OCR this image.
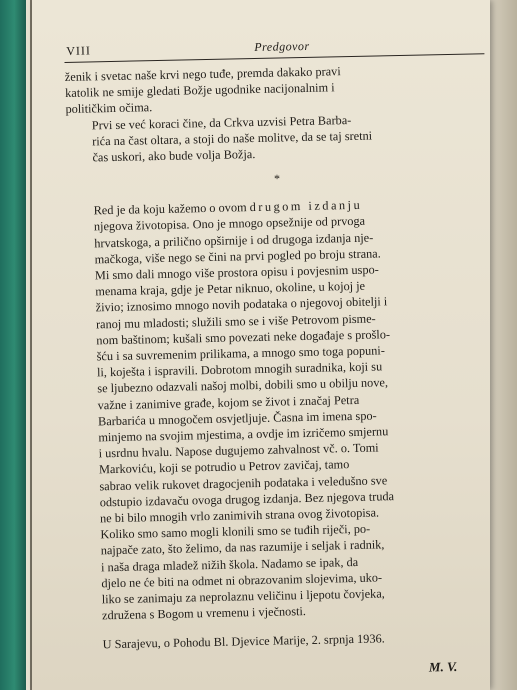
VIII	Predgovor

ženik i svetac naše krvi nego tuđe, premda dakako pravi
katolik ne smije gledati Božje ugodnike nacijonalnim i
političkim očima.

Prvi se već koraci čine, da Crkva uzvisi Petra Barba-
rića na čast oltara, a stoji do naše molitve, da se taj sretni
čas uskori, ako bude volja Božja.

*

Red je da koju kažemo o ovom drugom izdanju
njegova životopisa. Ono je mnogo opsežnije od prvoga
hrvatskoga, a prilično opširnije i od drugoga izdanja nje-
mačkoga, više nego se čini na prvi pogled po broju strana.
Mi smo dali mnogo više prostora opisu i povjesnim uspo-
menama kraja, gdje je Petar niknuo, okoline, u kojoj je
živio; iznosimo mnogo novih podataka o njegovoj obitelji i
ranoj mu mladosti; služili smo se i više Petrovom pisme-
nom baštinom; kušali smo povezati neke događaje s prošlo-
šću i sa suvremenim prilikama, a mnogo smo toga popuni-
li, koješta i ispravili. Dobrotom mnogih suradnika, koji su
se ljubezno odazvali našoj molbi, dobili smo u obilju nove,
važne i zanimive građe, kojom se život i značaj Petra
Barbarića u mnogočem osvjetljuje. Časna im imena spo-
minjemo na svojim mjestima, a ovdje im izričemo smjernu
i usrdnu hvalu. Napose dugujemo zahvalnost vč. o. Tomi
Markoviću, koji se potrudio u Petrov zavičaj, tamo
sabrao velik rukovet dragocjenih podataka i veledušno sve
odstupio izdavaču ovoga drugog izdanja. Bez njegova truda
ne bi bilo mnogih vrlo zanimivih strana ovog životopisa.

Koliko smo samo mogli klonili smo se tuđih riječi, po-
najpače zato, što želimo, da nas razumije i seljak i radnik,
i naša draga mladež nižih škola. Nadamo se ipak, da
djelo ne će biti na odmet ni obrazovanim slojevima, uko-
liko se zanimaju za neprolaznu veličinu i ljepotu čovjeka,
združena s Bogom u vremenu i vječnosti.

U Sarajevu, o Pohodu Bl. Djevice Marije, 2. srpnja 1936.

M. V.
